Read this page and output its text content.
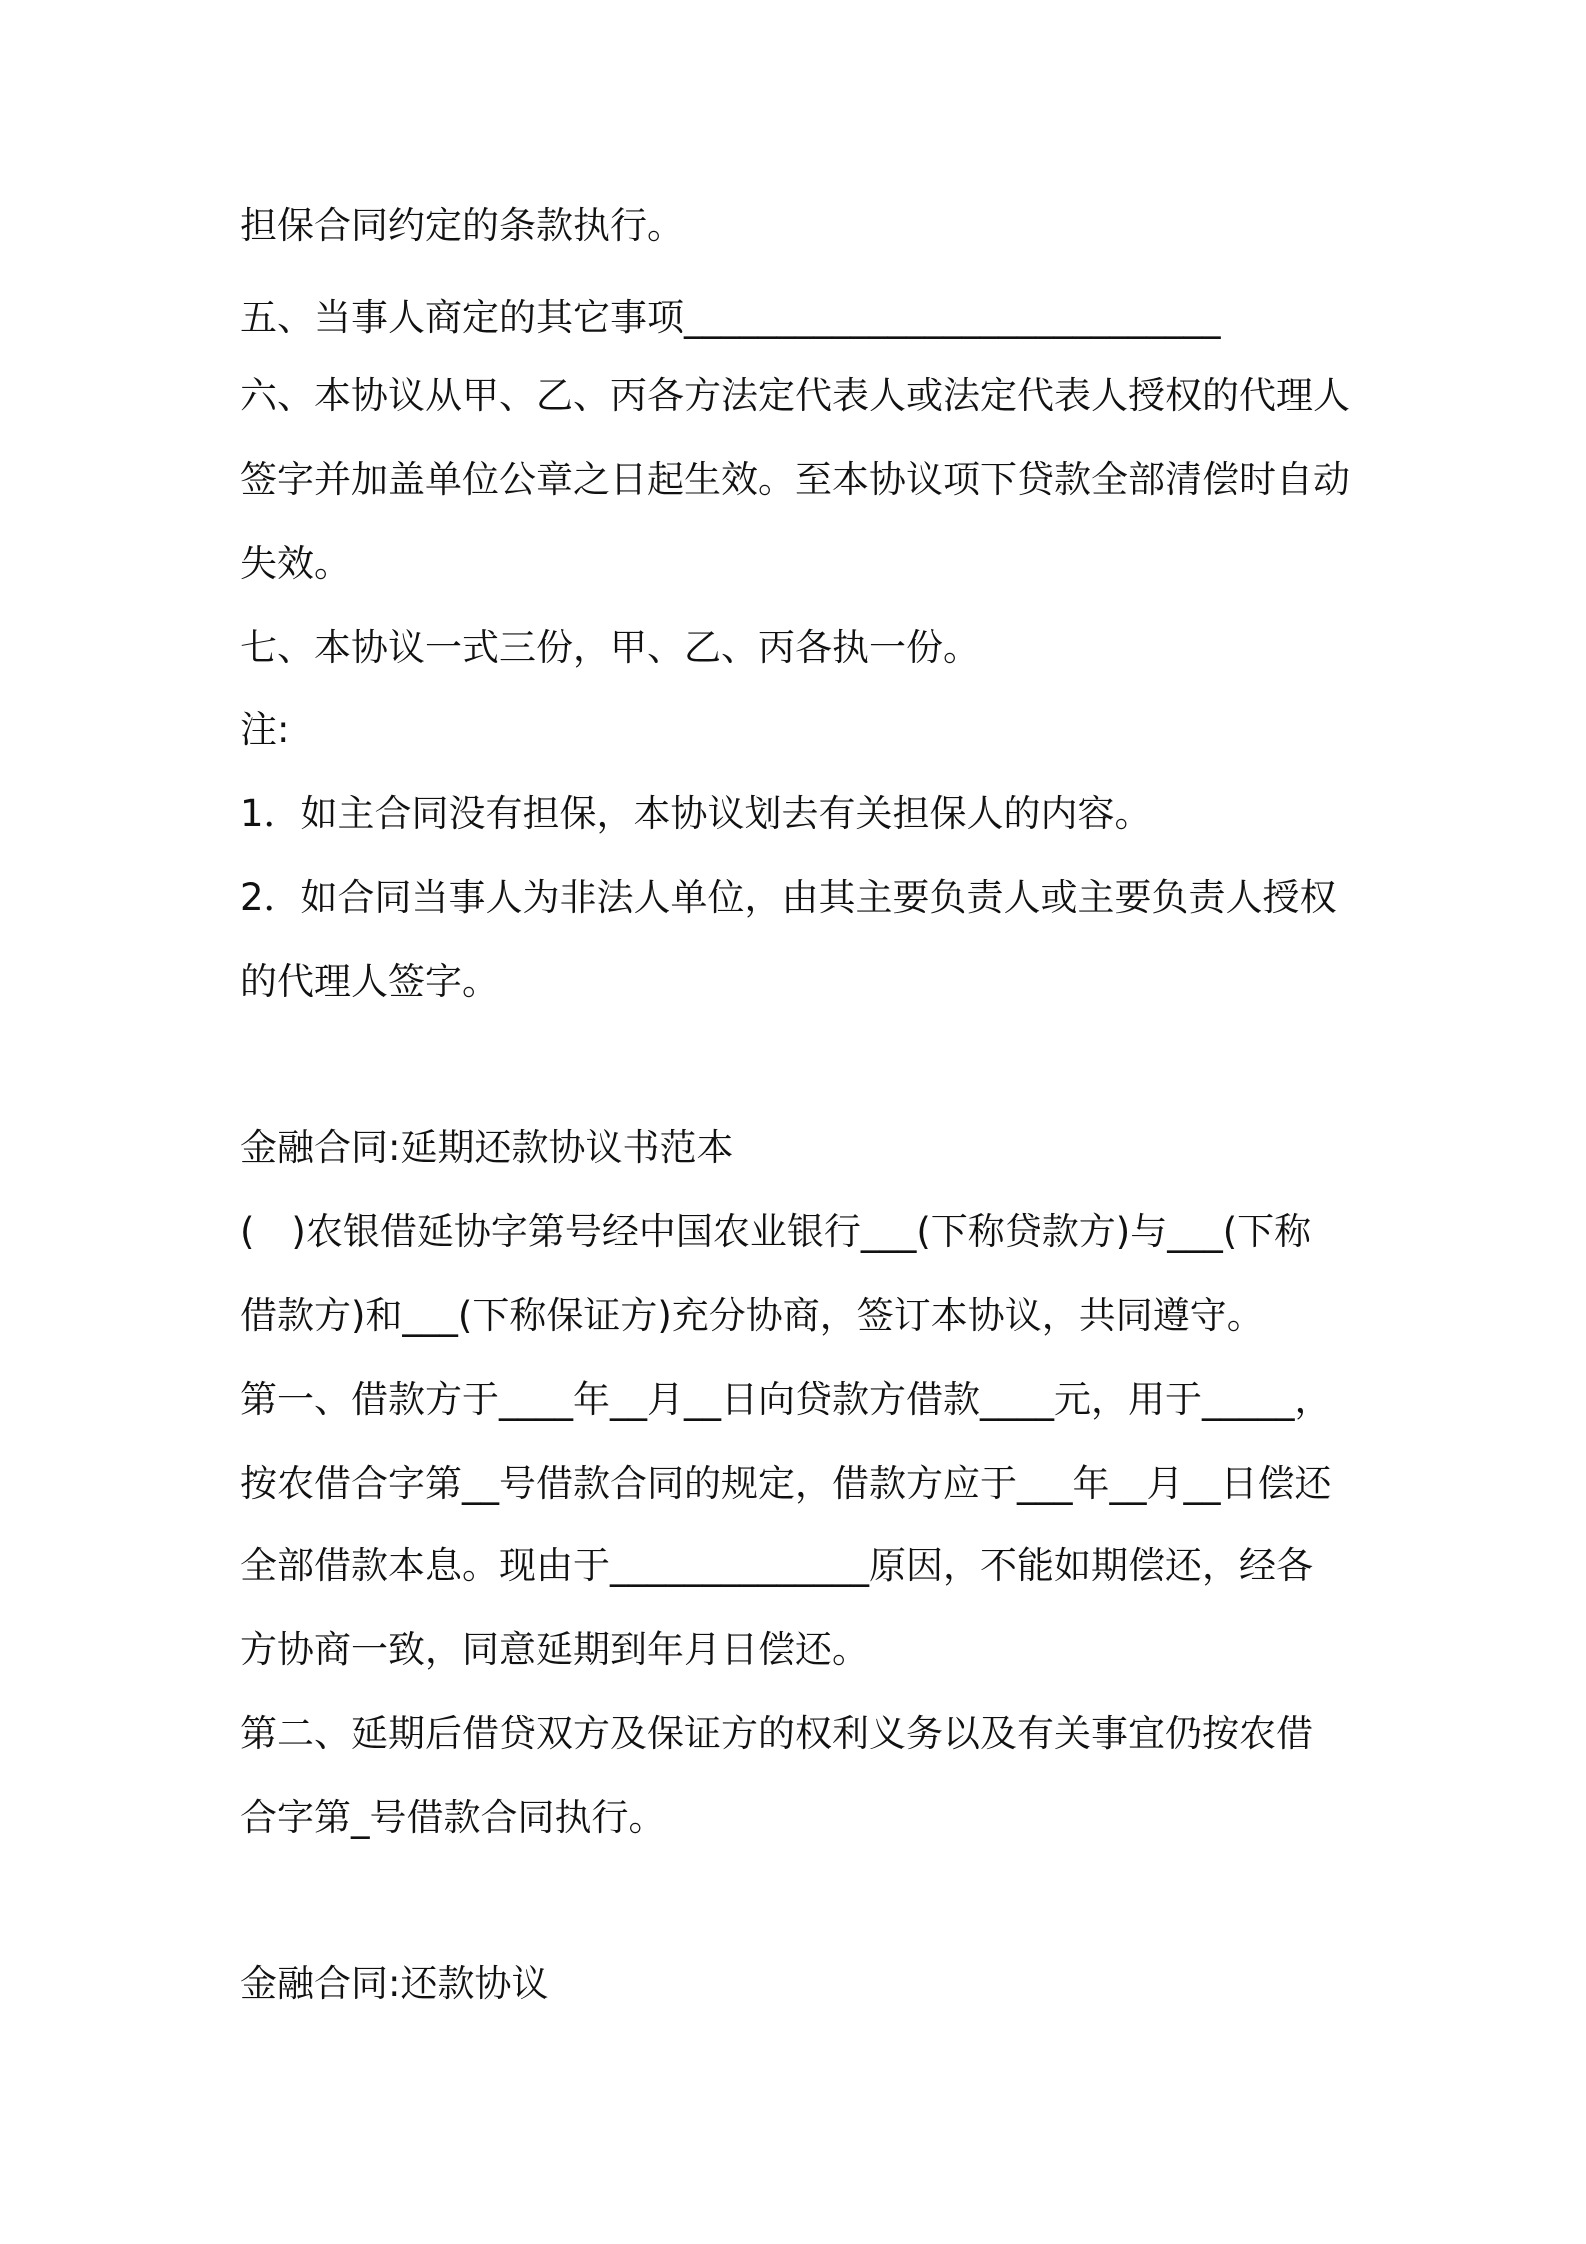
担保合同约定的条款执行。
五、当事人商定的其它事项_____________________________
六、本协议从甲、乙、丙各方法定代表人或法定代表人授权的代理人
签字并加盖单位公章之日起生效。至本协议项下贷款全部清偿时自动
失效。
七、本协议一式三份，甲、乙、丙各执一份。
注:
1．如主合同没有担保，本协议划去有关担保人的内容。
2．如合同当事人为非法人单位，由其主要负责人或主要负责人授权
的代理人签字。
金融合同:延期还款协议书范本
(　)农银借延协字第号经中国农业银行___(下称贷款方)与___(下称
借款方)和___(下称保证方)充分协商，签订本协议，共同遵守。
第一、借款方于____年__月__日向贷款方借款____元，用于_____，
按农借合字第__号借款合同的规定，借款方应于___年__月__日偿还
全部借款本息。现由于______________原因，不能如期偿还，经各
方协商一致，同意延期到年月日偿还。
第二、延期后借贷双方及保证方的权利义务以及有关事宜仍按农借
合字第_号借款合同执行。
金融合同:还款协议
